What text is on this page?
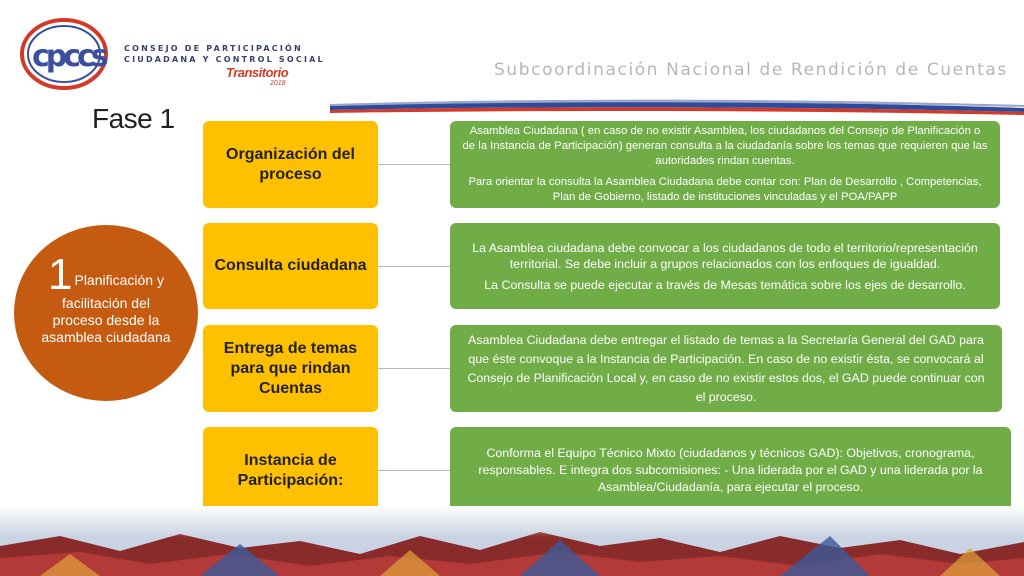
cpccs	CONSEJO DE PARTICIPACIÓN
CIUDADANA Y CONTROL SOCIAL
Transitorio
2018
Subcoordinación Nacional de Rendición de Cuentas
Fase 1
1 Planificación y facilitación del proceso desde la asamblea ciudadana
Organización del proceso

Asamblea Ciudadana ( en caso de no existir Asamblea, los ciudadanos del Consejo de Planificación o de la Instancia de Participación) generan consulta a la ciudadanía sobre los temas que requieren que las autoridades rindan cuentas.

Para orientar la consulta la Asamblea Ciudadana debe contar con: Plan de Desarrollo , Competencias, Plan de Gobierno, listado de instituciones vinculadas y el POA/PAPP

Consulta ciudadana

La Asamblea ciudadana debe convocar a los ciudadanos de todo el territorio/representación territorial. Se debe incluir a grupos relacionados con los enfoques de igualdad.

La Consulta se puede ejecutar a través de Mesas temática sobre los ejes de desarrollo.

Entrega de temas para que rindan Cuentas

Asamblea Ciudadana debe entregar el listado de temas a la Secretaría General del GAD para que éste convoque a la Instancia de Participación. En caso de no existir ésta, se convocará al Consejo de Planificación Local y, en caso de no existir estos dos, el GAD puede continuar con el proceso.

Instancia de Participación:

Conforma el Equipo Técnico Mixto (ciudadanos y técnicos GAD): Objetivos, cronograma, responsables. E integra dos subcomisiones: - Una liderada por el GAD y una liderada por la Asamblea/Ciudadanía, para ejecutar el proceso.
